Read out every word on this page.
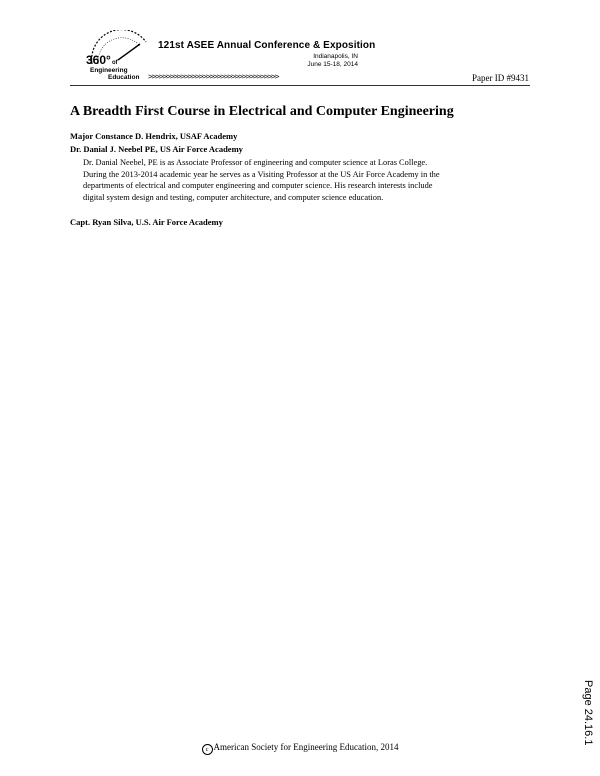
360° of
Engineering
Education
121st ASEE Annual Conference & Exposition
Indianapolis, IN
June 15-18, 2014
>>>>>>>>>>>>>>>>>>>>>>>>>>>>>>>>>>>>	Paper ID #9431
A Breadth First Course in Electrical and Computer Engineering
Major Constance D. Hendrix, USAF Academy
Dr. Danial J. Neebel PE, US Air Force Academy
Dr. Danial Neebel, PE is as Associate Professor of engineering and computer science at Loras College.
During the 2013-2014 academic year he serves as a Visiting Professor at the US Air Force Academy in the
departments of electrical and computer engineering and computer science. His research interests include
digital system design and testing, computer architecture, and computer science education.
Capt. Ryan Silva, U.S. Air Force Academy
Page 24.16.1
c American Society for Engineering Education, 2014
